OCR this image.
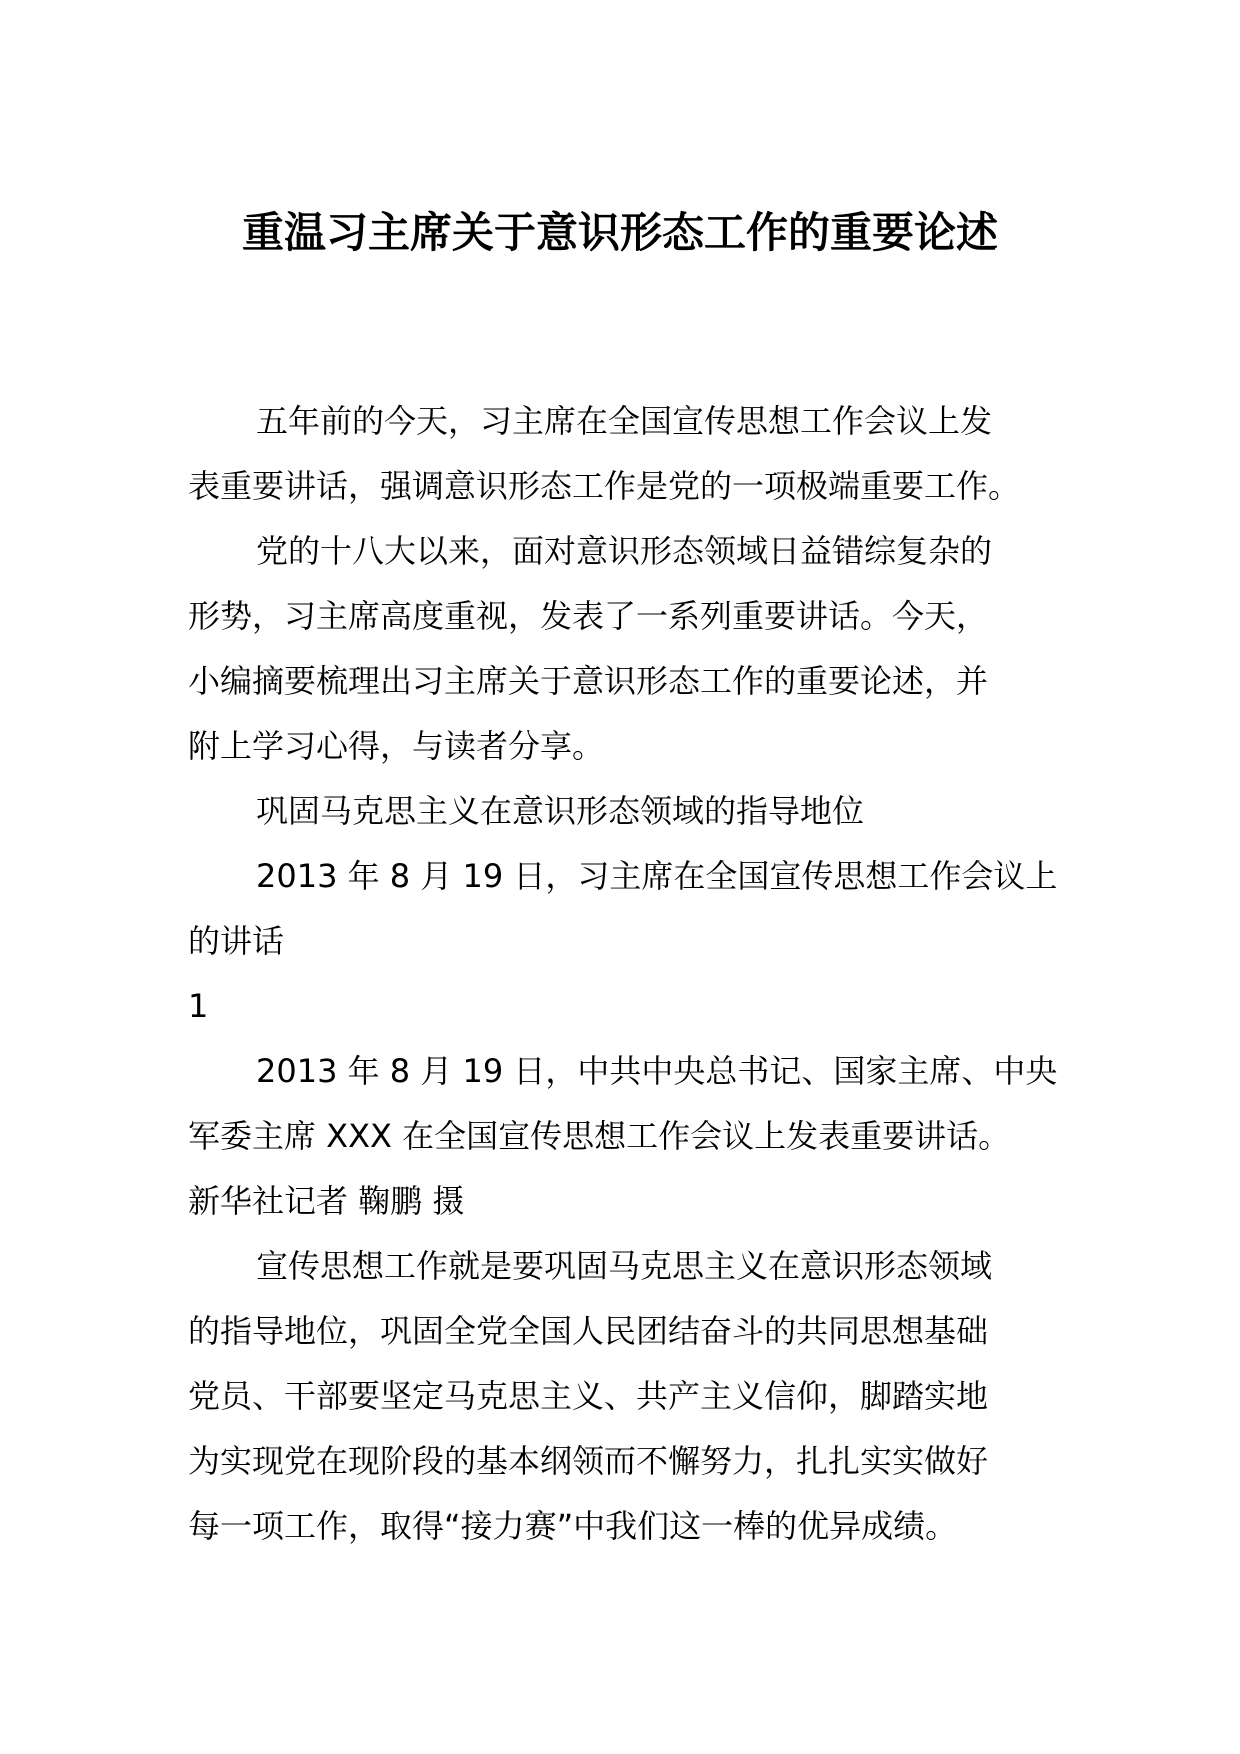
重温习主席关于意识形态工作的重要论述
五年前的今天，习主席在全国宣传思想工作会议上发
表重要讲话，强调意识形态工作是党的一项极端重要工作。
党的十八大以来，面对意识形态领域日益错综复杂的
形势，习主席高度重视，发表了一系列重要讲话。今天，
小编摘要梳理出习主席关于意识形态工作的重要论述，并
附上学习心得，与读者分享。
巩固马克思主义在意识形态领域的指导地位
2013 年 8 月 19 日，习主席在全国宣传思想工作会议上
的讲话
1
2013 年 8 月 19 日，中共中央总书记、国家主席、中央
军委主席 XXX 在全国宣传思想工作会议上发表重要讲话。
新华社记者 鞠鹏 摄
宣传思想工作就是要巩固马克思主义在意识形态领域
的指导地位，巩固全党全国人民团结奋斗的共同思想基础
党员、干部要坚定马克思主义、共产主义信仰，脚踏实地
为实现党在现阶段的基本纲领而不懈努力，扎扎实实做好
每一项工作，取得“接力赛”中我们这一棒的优异成绩。
